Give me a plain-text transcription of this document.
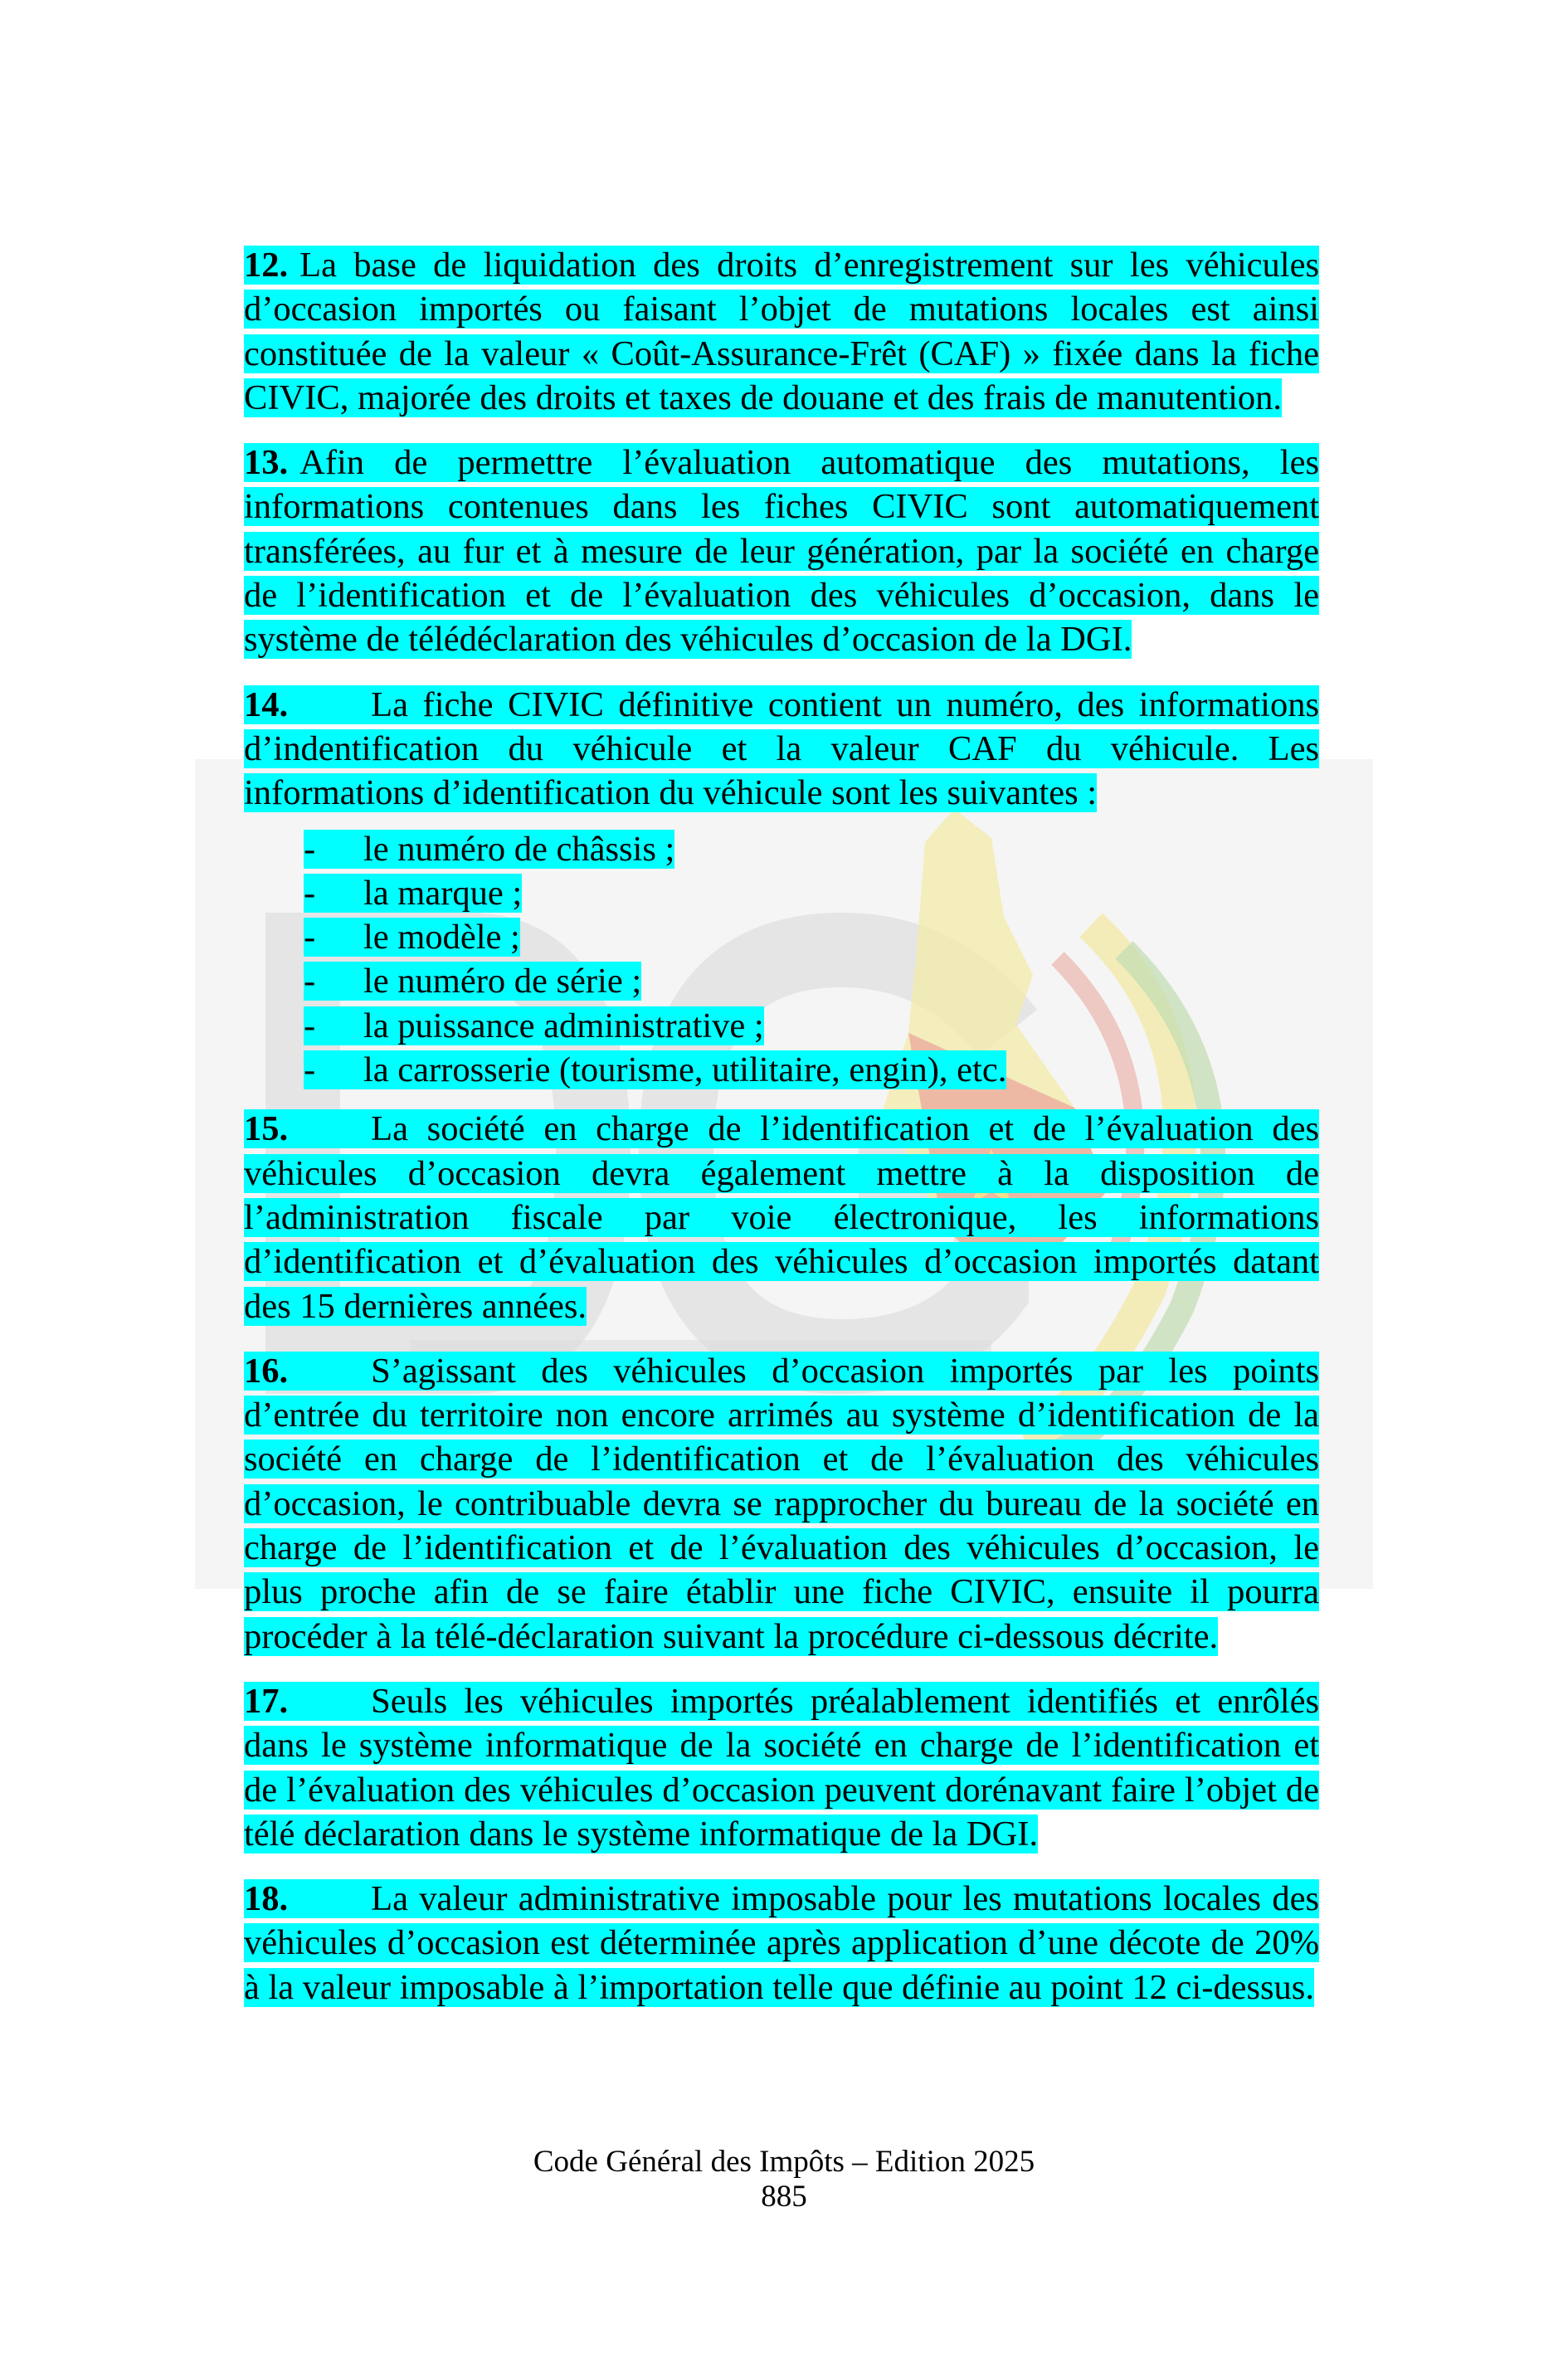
12. La base de liquidation des droits d’enregistrement sur les véhicules d’occasion importés ou faisant l’objet de mutations locales est ainsi constituée de la valeur « Coût-Assurance-Frêt (CAF) » fixée dans la fiche CIVIC, majorée des droits et taxes de douane et des frais de manutention.

13. Afin de permettre l’évaluation automatique des mutations, les informations contenues dans les fiches CIVIC sont automatiquement transférées, au fur et à mesure de leur génération, par la société en charge de l’identification et de l’évaluation des véhicules d’occasion, dans le système de télédéclaration des véhicules d’occasion de la DGI.

14. La fiche CIVIC définitive contient un numéro, des informations d’indentification du véhicule et la valeur CAF du véhicule. Les informations d’identification du véhicule sont les suivantes :

- le numéro de châssis ;
- la marque ;
- le modèle ;
- le numéro de série ;
- la puissance administrative ;
- la carrosserie (tourisme, utilitaire, engin), etc.

15. La société en charge de l’identification et de l’évaluation des véhicules d’occasion devra également mettre à la disposition de l’administration fiscale par voie électronique, les informations d’identification et d’évaluation des véhicules d’occasion importés datant des 15 dernières années.

16. S’agissant des véhicules d’occasion importés par les points d’entrée du territoire non encore arrimés au système d’identification de la société en charge de l’identification et de l’évaluation des véhicules d’occasion, le contribuable devra se rapprocher du bureau de la société en charge de l’identification et de l’évaluation des véhicules d’occasion, le plus proche afin de se faire établir une fiche CIVIC, ensuite il pourra procéder à la télé-déclaration suivant la procédure ci-dessous décrite.

17. Seuls les véhicules importés préalablement identifiés et enrôlés dans le système informatique de la société en charge de l’identification et de l’évaluation des véhicules d’occasion peuvent dorénavant faire l’objet de télé déclaration dans le système informatique de la DGI.

18. La valeur administrative imposable pour les mutations locales des véhicules d’occasion est déterminée après application d’une décote de 20% à la valeur imposable à l’importation telle que définie au point 12 ci-dessus.

Code Général des Impôts – Edition 2025
885
